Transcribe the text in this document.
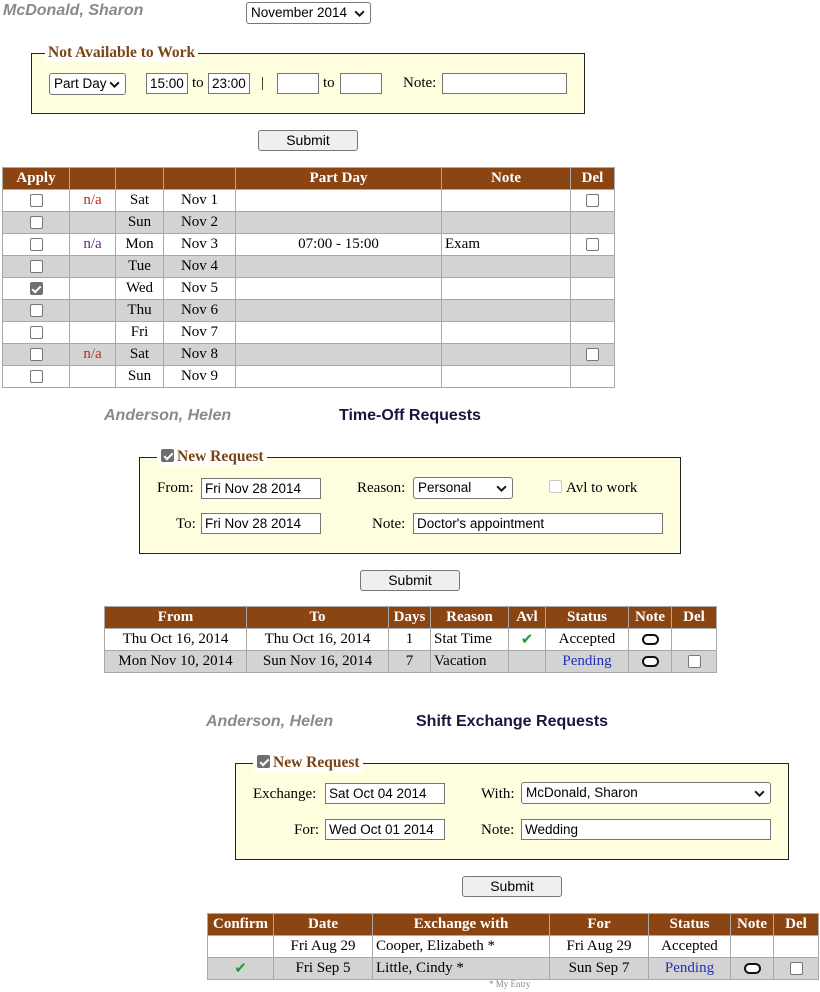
McDonald, Sharon	November 2014
Not Available to Work
Part Day	15:00 to 23:00 |	to	Note:
Submit
Apply				Part Day	Note	Del
	n/a	Sat	Nov 1			
		Sun	Nov 2			
	n/a	Mon	Nov 3	07:00 - 15:00	Exam	
		Tue	Nov 4			
		Wed	Nov 5			
		Thu	Nov 6			
		Fri	Nov 7			
	n/a	Sat	Nov 8			
		Sun	Nov 9			
Anderson, Helen	Time-Off Requests
New Request
From: Fri Nov 28 2014
To: Fri Nov 28 2014
Reason: Personal	Avl to work
Note: Doctor's appointment
Submit
From	To	Days	Reason	Avl	Status	Note	Del
Thu Oct 16, 2014	Thu Oct 16, 2014	1	Stat Time	✔	Accepted		
Mon Nov 10, 2014	Sun Nov 16, 2014	7	Vacation		Pending		
Anderson, Helen	Shift Exchange Requests
New Request
Exchange: Sat Oct 04 2014
For: Wed Oct 01 2014
With: McDonald, Sharon
Note: Wedding
Submit
Confirm	Date	Exchange with	For	Status	Note	Del
	Fri Aug 29	Cooper, Elizabeth *	Fri Aug 29	Accepted		
✔	Fri Sep 5	Little, Cindy *	Sun Sep 7	Pending		
* My Entry
